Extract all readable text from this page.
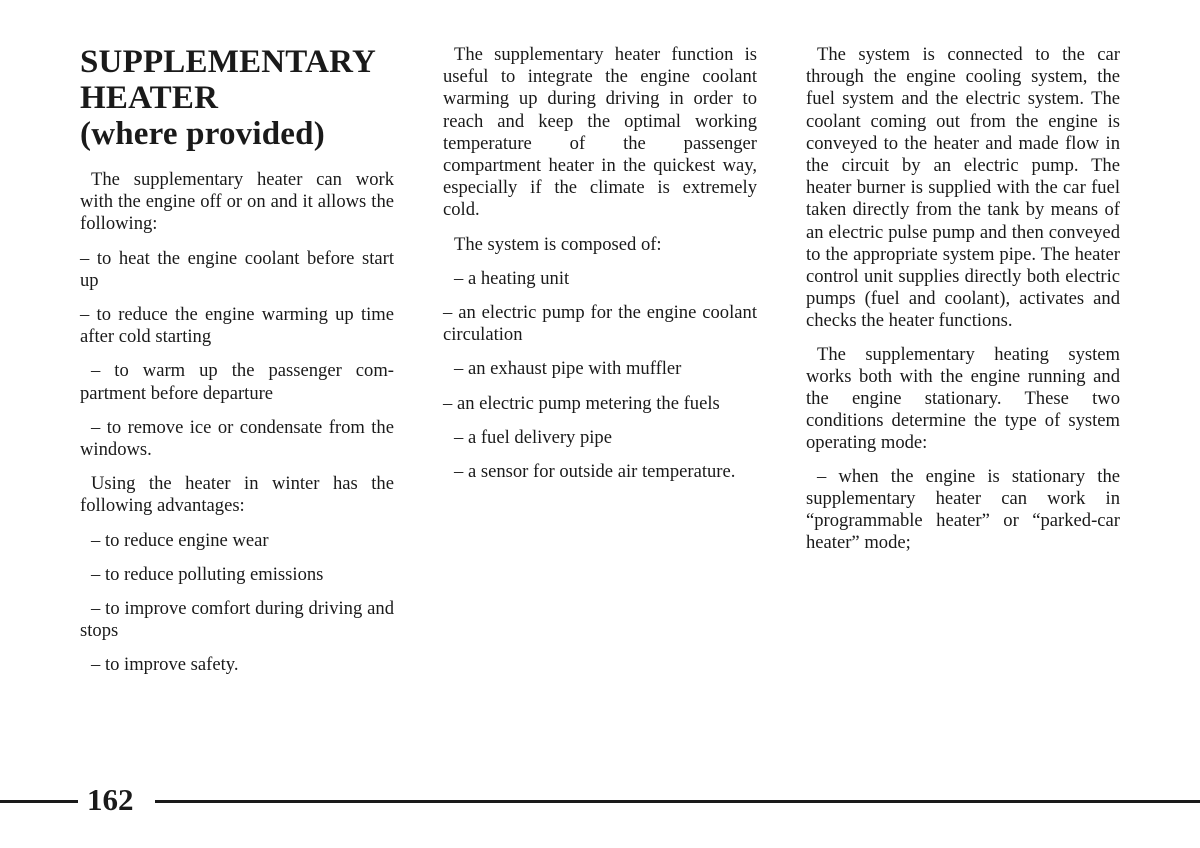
SUPPLEMENTARY
HEATER
(where provided)

The supplementary heater can work with the engine off or on and it allows the following:

– to heat the engine coolant before start up

– to reduce the engine warming up time after cold starting

– to warm up the passenger compartment before departure

– to remove ice or condensate from the windows.

Using the heater in winter has the following advantages:

– to reduce engine wear

– to reduce polluting emissions

– to improve comfort during driving and stops

– to improve safety.

The supplementary heater function is useful to integrate the engine coolant warming up during driving in order to reach and keep the optimal working temperature of the passenger compartment heater in the quickest way, especially if the climate is extremely cold.

The system is composed of:

– a heating unit

– an electric pump for the engine coolant circulation

– an exhaust pipe with muffler

– an electric pump metering the fuels

– a fuel delivery pipe

– a sensor for outside air temperature.

The system is connected to the car through the engine cooling system, the fuel system and the electric system. The coolant coming out from the engine is conveyed to the heater and made flow in the circuit by an electric pump. The heater burner is supplied with the car fuel taken directly from the tank by means of an electric pulse pump and then conveyed to the appropriate system pipe. The heater control unit supplies directly both electric pumps (fuel and coolant), activates and checks the heater functions.

The supplementary heating system works both with the engine running and the engine stationary. These two conditions determine the type of system operating mode:

– when the engine is stationary the supplementary heater can work in “programmable heater” or “parked-car heater” mode;

162
